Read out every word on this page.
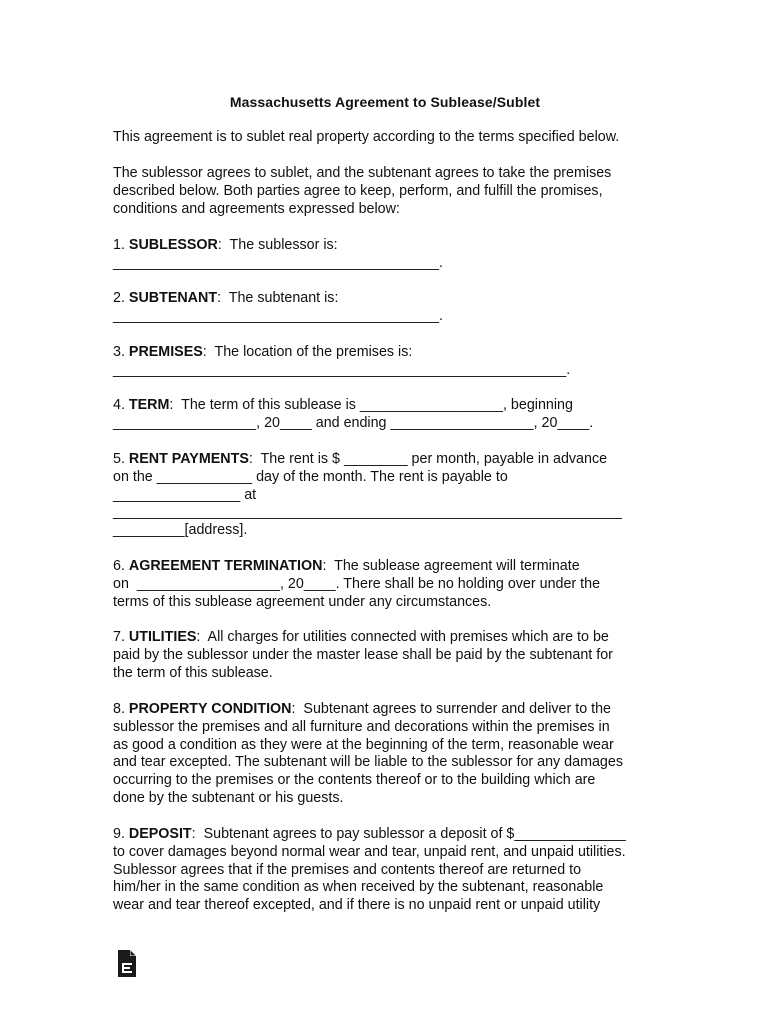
Massachusetts Agreement to Sublease/Sublet
This agreement is to sublet real property according to the terms specified below.
The sublessor agrees to sublet, and the subtenant agrees to take the premises
described below. Both parties agree to keep, perform, and fulfill the promises,
conditions and agreements expressed below:
1. SUBLESSOR:  The sublessor is:
_________________________________________.
2. SUBTENANT:  The subtenant is:
_________________________________________.
3. PREMISES:  The location of the premises is:
_________________________________________________________.
4. TERM:  The term of this sublease is __________________, beginning
__________________, 20____ and ending __________________, 20____.
5. RENT PAYMENTS:  The rent is $ ________ per month, payable in advance
on the ____________ day of the month. The rent is payable to
________________ at
________________________________________________________________
_________[address].
6. AGREEMENT TERMINATION:  The sublease agreement will terminate
on  __________________, 20____. There shall be no holding over under the
terms of this sublease agreement under any circumstances.
7. UTILITIES:  All charges for utilities connected with premises which are to be
paid by the sublessor under the master lease shall be paid by the subtenant for
the term of this sublease.
8. PROPERTY CONDITION:  Subtenant agrees to surrender and deliver to the
sublessor the premises and all furniture and decorations within the premises in
as good a condition as they were at the beginning of the term, reasonable wear
and tear excepted. The subtenant will be liable to the sublessor for any damages
occurring to the premises or the contents thereof or to the building which are
done by the subtenant or his guests.
9. DEPOSIT:  Subtenant agrees to pay sublessor a deposit of $______________
to cover damages beyond normal wear and tear, unpaid rent, and unpaid utilities.
Sublessor agrees that if the premises and contents thereof are returned to
him/her in the same condition as when received by the subtenant, reasonable
wear and tear thereof excepted, and if there is no unpaid rent or unpaid utility
